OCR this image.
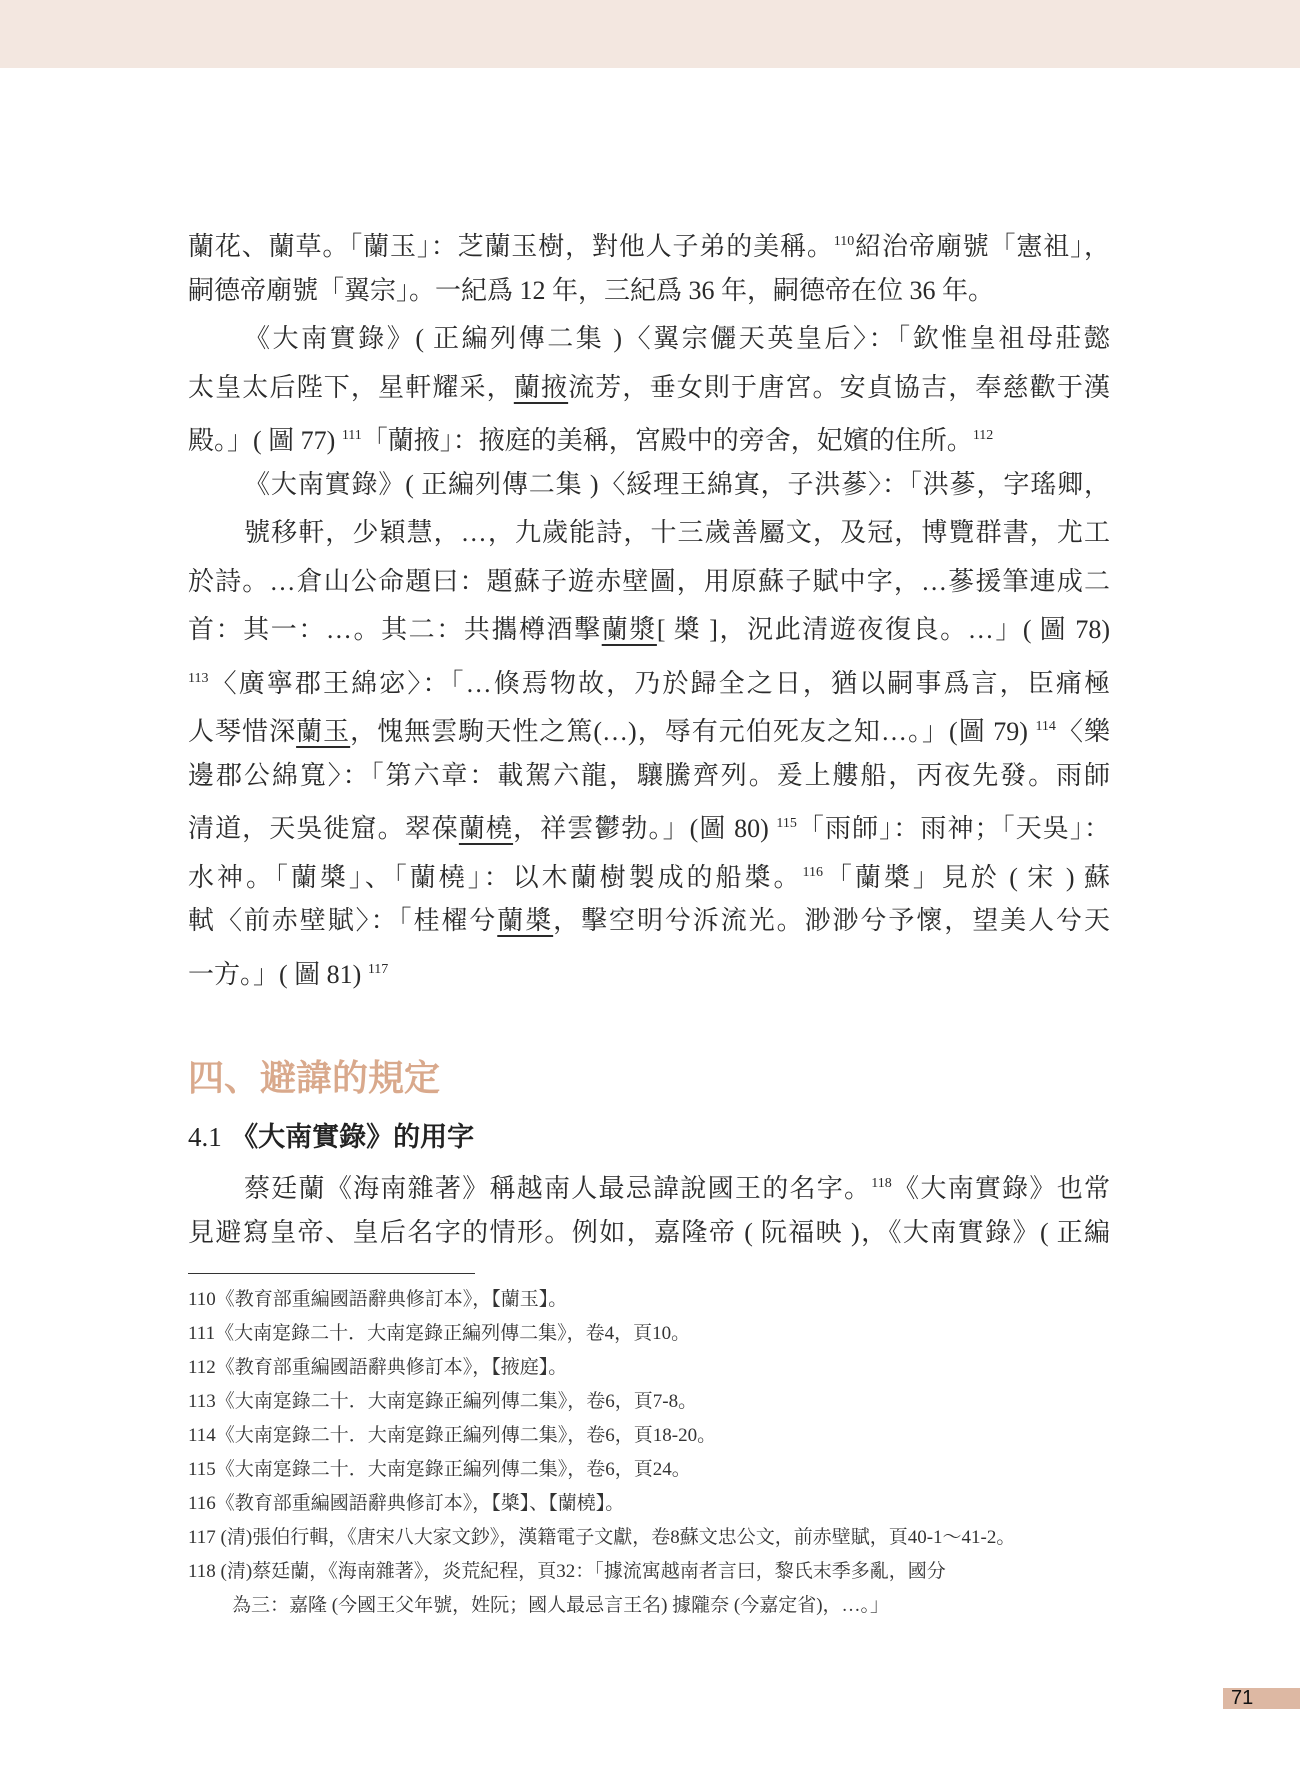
蘭花、蘭草。「蘭玉」：芝蘭玉樹，對他人子弟的美稱。$^{110}$紹治帝廟號「憲祖」，
嗣德帝廟號「翼宗」。一紀爲 12 年，三紀爲 36 年，嗣德帝在位 36 年。
《大南實錄》( 正編列傳二集 )〈翼宗儷天英皇后〉：「欽惟皇祖母莊懿
太皇太后陛下，星軒耀采，蘭掖流芳，垂女則于唐宮。安貞協吉，奉慈歡于漢
殿。」( 圖 77) $^{111}$「蘭掖」：掖庭的美稱，宮殿中的旁舍，妃嬪的住所。$^{112}$
《大南實錄》( 正編列傳二集 )〈綏理王綿寘，子洪蔘〉：「洪蔘，字瑤卿，
號移軒，少穎慧，…，九歲能詩，十三歲善屬文，及冠，博覽群書，尤工
於詩。…倉山公命題曰：題蘇子遊赤壁圖，用原蘇子賦中字，…蔘援筆連成二
首：其一：…。其二：共攜樽酒擊蘭漿[ 槳 ]，況此清遊夜復良。…」( 圖 78)
$^{113}$〈廣寧郡王綿宓〉：「…倏焉物故，乃於歸全之日，猶以嗣事爲言，臣痛極
人琴惜深蘭玉，愧無雲駒天性之篤(…)，辱有元伯死友之知…。」(圖 79) $^{114}$〈樂
邊郡公綿寬〉：「第六章：載駕六龍，驤騰齊列。爰上艛船，丙夜先發。雨師
清道，天吳徙窟。翠葆蘭橈，祥雲鬱勃。」(圖 80) $^{115}$「雨師」：雨神；「天吳」：
水神。「蘭槳」、「蘭橈」：以木蘭樹製成的船槳。$^{116}$「蘭槳」見於 ( 宋 ) 蘇
軾〈前赤壁賦〉：「桂櫂兮蘭槳，擊空明兮泝流光。渺渺兮予懷，望美人兮天
一方。」( 圖 81) $^{117}$
四、避諱的規定
4.1 《大南實錄》的用字
蔡廷蘭《海南雜著》稱越南人最忌諱說國王的名字。$^{118}$《大南實錄》也常
見避寫皇帝、皇后名字的情形。例如，嘉隆帝 ( 阮福映 )，《大南實錄》( 正編
110《教育部重編國語辭典修訂本》，【蘭玉】。
111《大南寔錄二十．大南寔錄正編列傳二集》，卷4，頁10。
112《教育部重編國語辭典修訂本》，【掖庭】。
113《大南寔錄二十．大南寔錄正編列傳二集》，卷6，頁7-8。
114《大南寔錄二十．大南寔錄正編列傳二集》，卷6，頁18-20。
115《大南寔錄二十．大南寔錄正編列傳二集》，卷6，頁24。
116《教育部重編國語辭典修訂本》，【槳】、【蘭橈】。
117 (清)張伯行輯，《唐宋八大家文鈔》，漢籍電子文獻，卷8蘇文忠公文，前赤壁賦，頁40-1～41-2。
118 (清)蔡廷蘭，《海南雜著》，炎荒紀程，頁32：「據流寓越南者言曰，黎氏末季多亂，國分
為三：嘉隆 (今國王父年號，姓阮；國人最忌言王名) 據隴奈 (今嘉定省)，…。」
71
